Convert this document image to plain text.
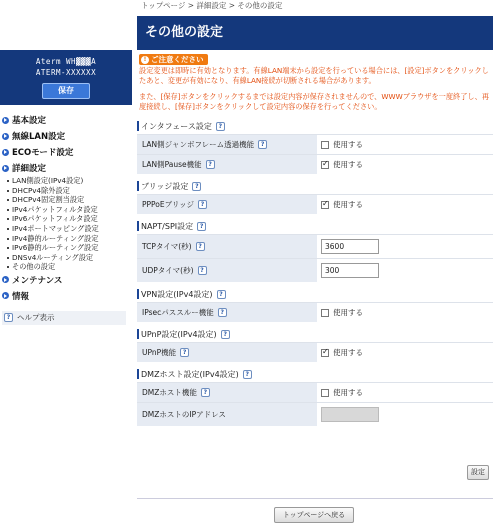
Aterm WH▓▓▓A
ATERM-XXXXXX
保存
基本設定
無線LAN設定
ECOモード設定
詳細設定
LAN側設定(IPv4設定)
DHCPv4除外設定
DHCPv4固定割当設定
IPv4パケットフィルタ設定
IPv6パケットフィルタ設定
IPv4ポートマッピング設定
IPv4静的ルーティング設定
IPv6静的ルーティング設定
DNSv4ルーティング設定
その他の設定
メンテナンス
情報
? ヘルプ表示
トップページ > 詳細設定 > その他の設定
その他の設定
! ご注意ください

設定変更は即時に有効となります。有線LAN端末から設定を行っている場合には、[設定]ボタンをクリックしたあと、変更が有効になり、有線LAN接続が切断される場合があります。

また、[保存]ボタンをクリックするまでは設定内容が保存されませんので、WWWブラウザを一度終了し、再度接続し、[保存]ボタンをクリックして設定内容の保存を行ってください。

インタフェース設定	?
LAN側ジャンボフレーム透過機能	?	使用する
LAN側Pause機能	? ✓	使用する
ブリッジ設定	?
PPPoEブリッジ	? ✓	使用する
NAPT/SPI設定	?
TCPタイマ(秒)	?	3600
UDPタイマ(秒)	?	300
VPN設定(IPv4設定)	?
IPsecパススルー機能	?	使用する
UPnP設定(IPv4設定)	?
UPnP機能	? ✓	使用する
DMZホスト設定(IPv4設定)	?
DMZホスト機能	?	使用する
DMZホストのIPアドレス
設定
トップページへ戻る
